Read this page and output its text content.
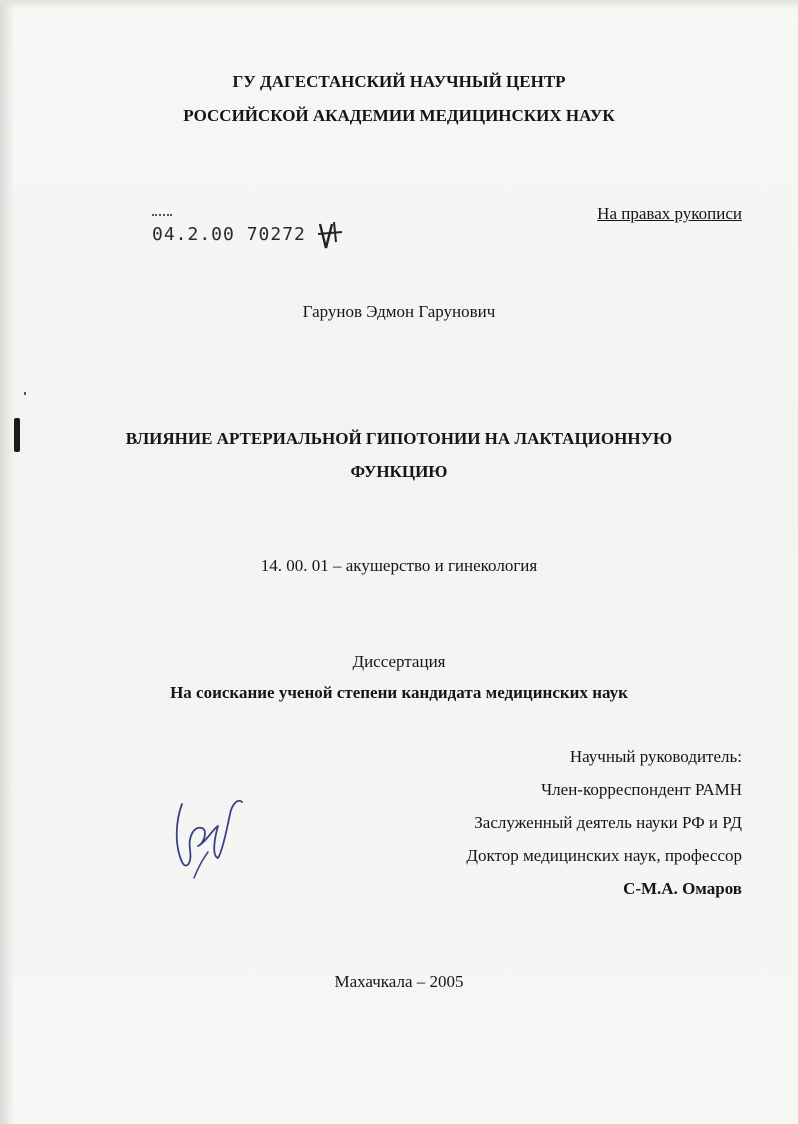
ГУ ДАГЕСТАНСКИЙ НАУЧНЫЙ ЦЕНТР
РОССИЙСКОЙ АКАДЕМИИ МЕДИЦИНСКИХ НАУК
04.2.00 70272
На правах рукописи
Гарунов Эдмон Гарунович
ВЛИЯНИЕ АРТЕРИАЛЬНОЙ ГИПОТОНИИ НА ЛАКТАЦИОННУЮ
ФУНКЦИЮ
14. 00. 01 – акушерство и гинекология
Диссертация
На соискание ученой степени кандидата медицинских наук
Научный руководитель:
Член-корреспондент РАМН
Заслуженный деятель науки РФ и РД
Доктор медицинских наук, профессор
С-М.А. Омаров
Махачкала – 2005
